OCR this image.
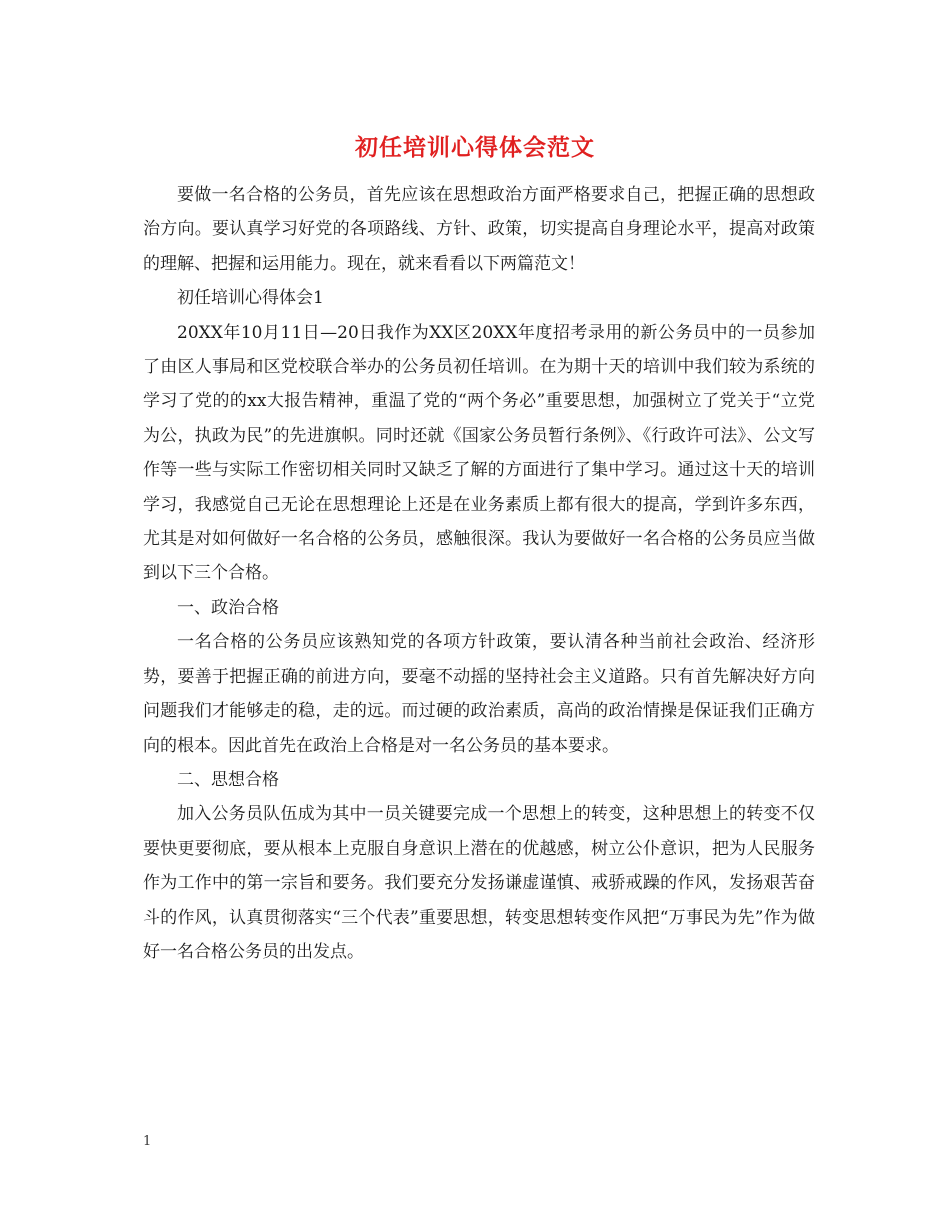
初任培训心得体会范文

要做一名合格的公务员，首先应该在思想政治方面严格要求自己，把握正确的思想政治方向。要认真学习好党的各项路线、方针、政策，切实提高自身理论水平，提高对政策的理解、把握和运用能力。现在，就来看看以下两篇范文！

初任培训心得体会1

20XX年10月11日—20日我作为XX区20XX年度招考录用的新公务员中的一员参加了由区人事局和区党校联合举办的公务员初任培训。在为期十天的培训中我们较为系统的学习了党的的xx大报告精神，重温了党的“两个务必”重要思想，加强树立了党关于“立党为公，执政为民”的先进旗帜。同时还就《国家公务员暂行条例》、《行政许可法》、公文写作等一些与实际工作密切相关同时又缺乏了解的方面进行了集中学习。通过这十天的培训学习，我感觉自己无论在思想理论上还是在业务素质上都有很大的提高，学到许多东西，尤其是对如何做好一名合格的公务员，感触很深。我认为要做好一名合格的公务员应当做到以下三个合格。

一、政治合格

一名合格的公务员应该熟知党的各项方针政策，要认清各种当前社会政治、经济形势，要善于把握正确的前进方向，要毫不动摇的坚持社会主义道路。只有首先解决好方向问题我们才能够走的稳，走的远。而过硬的政治素质，高尚的政治情操是保证我们正确方向的根本。因此首先在政治上合格是对一名公务员的基本要求。

二、思想合格

加入公务员队伍成为其中一员关键要完成一个思想上的转变，这种思想上的转变不仅要快更要彻底，要从根本上克服自身意识上潜在的优越感，树立公仆意识，把为人民服务作为工作中的第一宗旨和要务。我们要充分发扬谦虚谨慎、戒骄戒躁的作风，发扬艰苦奋斗的作风，认真贯彻落实“三个代表”重要思想，转变思想转变作风把“万事民为先”作为做好一名合格公务员的出发点。

1
